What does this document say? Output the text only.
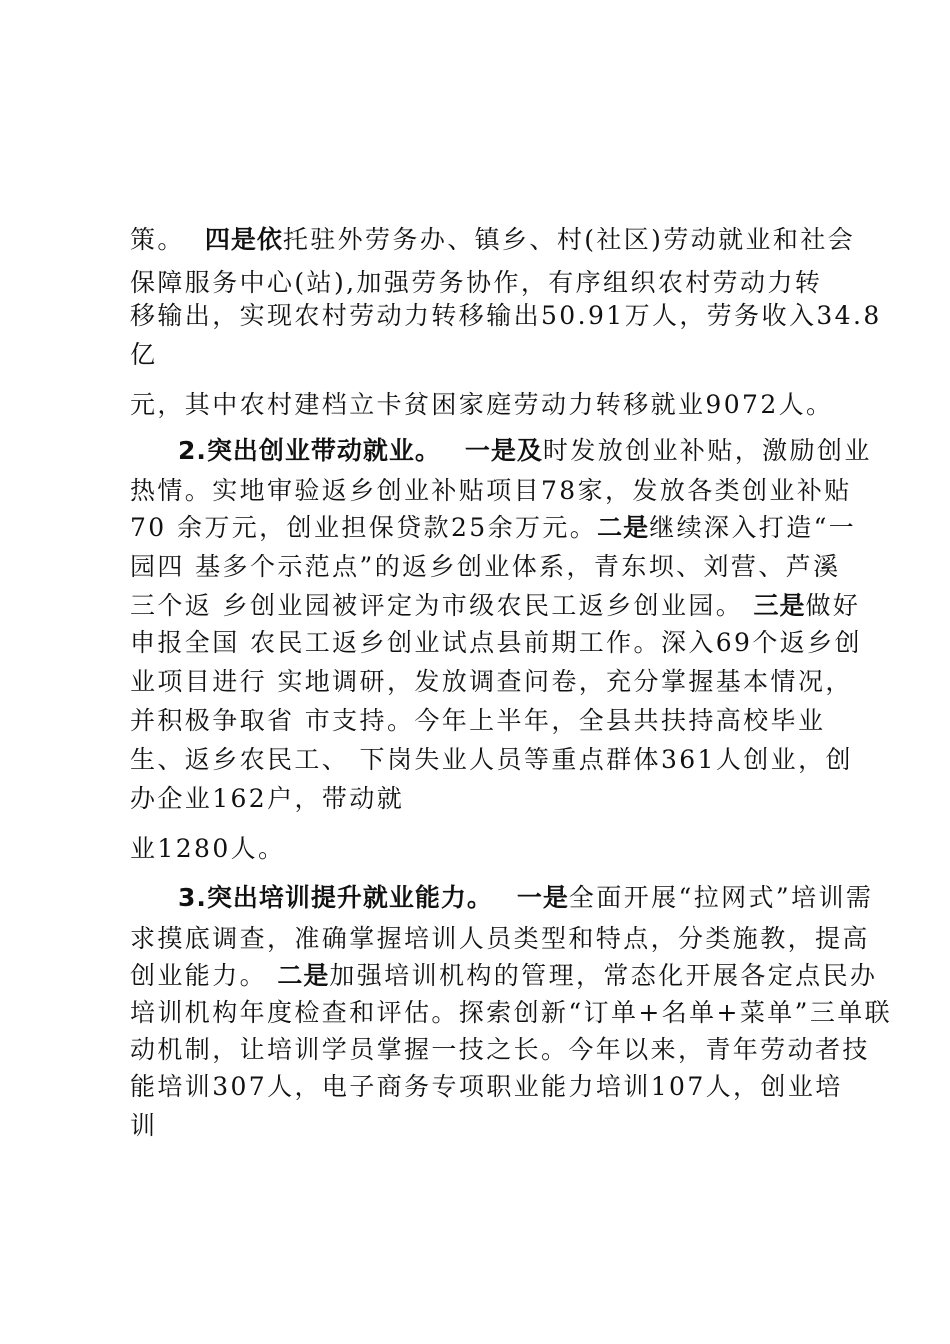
策。 四是依托驻外劳务办、镇乡、村(社区)劳动就业和社会
保障服务中心(站),加强劳务协作，有序组织农村劳动力转
移输出，实现农村劳动力转移输出50.91万人，劳务收入34.8
亿
元，其中农村建档立卡贫困家庭劳动力转移就业9072人。
2.突出创业带动就业。 一是及时发放创业补贴，激励创业
热情。实地审验返乡创业补贴项目78家，发放各类创业补贴
70 余万元，创业担保贷款25余万元。二是继续深入打造“一
园四 基多个示范点”的返乡创业体系，青东坝、刘营、芦溪
三个返 乡创业园被评定为市级农民工返乡创业园。 三是做好
申报全国 农民工返乡创业试点县前期工作。深入69个返乡创
业项目进行 实地调研，发放调查问卷，充分掌握基本情况，
并积极争取省 市支持。今年上半年，全县共扶持高校毕业
生、返乡农民工、 下岗失业人员等重点群体361人创业，创
办企业162户，带动就
业1280人。
3.突出培训提升就业能力。 一是全面开展“拉网式”培训需
求摸底调查，准确掌握培训人员类型和特点，分类施教，提高
创业能力。 二是加强培训机构的管理，常态化开展各定点民办
培训机构年度检查和评估。探索创新“订单+名单+菜单”三单联
动机制，让培训学员掌握一技之长。今年以来，青年劳动者技
能培训307人，电子商务专项职业能力培训107人，创业培
训
